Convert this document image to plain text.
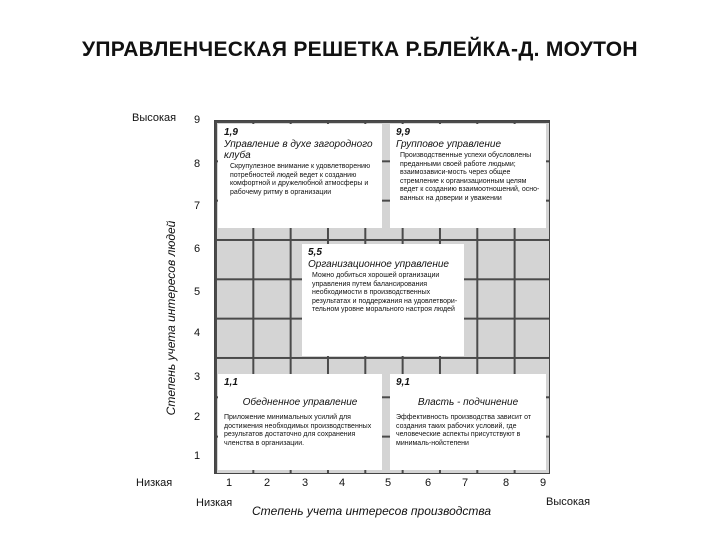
УПРАВЛЕНЧЕСКАЯ РЕШЕТКА Р.БЛЕЙКА-Д. МОУТОН
Степень учета интересов людей
Высокая
Низкая
1
2
3
4
5
6
7
8
9
1,9
Управление в духе загородного клуба
Скрупулезное внимание к удовлетворению потребностей людей ведет к созданию комфортной и дружелюбной атмосферы и рабочему ритму в организации
9,9
Групповое управление
Производственные успехи обусловлены преданными своей работе людьми; взаимозависи-мость через общее стремление к организационным целям ведет к созданию взаимоотношений, осно-ванных на доверии и уважении
5,5
Организационное управление
Можно добиться хорошей организации управления путем балансирования необходимости в производственных результатах и поддержания на удовлетвори-тельном уровне морального настроя людей
1,1
Обедненное управление
Приложение минимальных усилий для достижения необходимых производственных результатов достаточно для сохранения членства в организации.
9,1
Власть - подчинение
Эффективность производства зависит от создания таких рабочих условий, где человеческие аспекты присутствуют в минималь-нойстепени
1	2	3	4	5	6	7	8	9
Низкая
Степень учета интересов производства
Высокая
